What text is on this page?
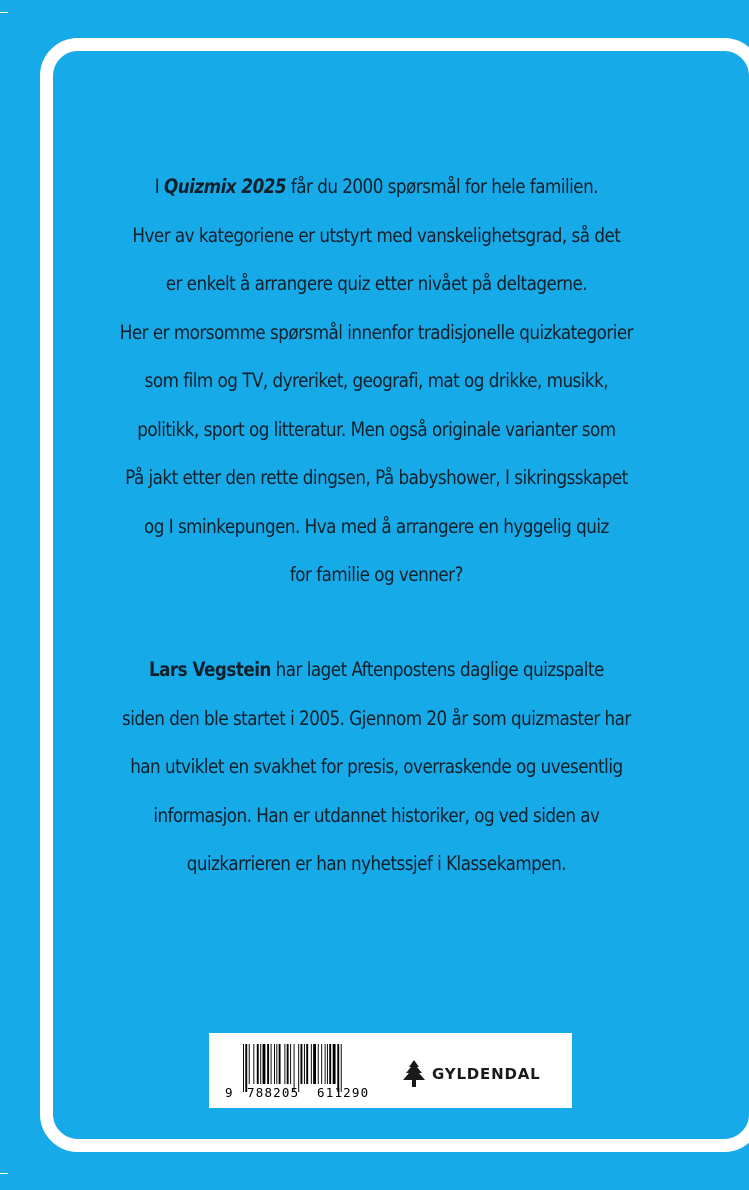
I Quizmix 2025 får du 2000 spørsmål for hele familien.
Hver av kategoriene er utstyrt med vanskelighetsgrad, så det
er enkelt å arrangere quiz etter nivået på deltagerne.
Her er morsomme spørsmål innenfor tradisjonelle quizkategorier
som film og TV, dyreriket, geografi, mat og drikke, musikk,
politikk, sport og litteratur. Men også originale varianter som
På jakt etter den rette dingsen, På babyshower, I sikringsskapet
og I sminkepungen. Hva med å arrangere en hyggelig quiz
for familie og venner?
Lars Vegstein har laget Aftenpostens daglige quizspalte
siden den ble startet i 2005. Gjennom 20 år som quizmaster har
han utviklet en svakhet for presis, overraskende og uvesentlig
informasjon. Han er utdannet historiker, og ved siden av
quizkarrieren er han nyhetssjef i Klassekampen.
9 788205 611290
GYLDENDAL
